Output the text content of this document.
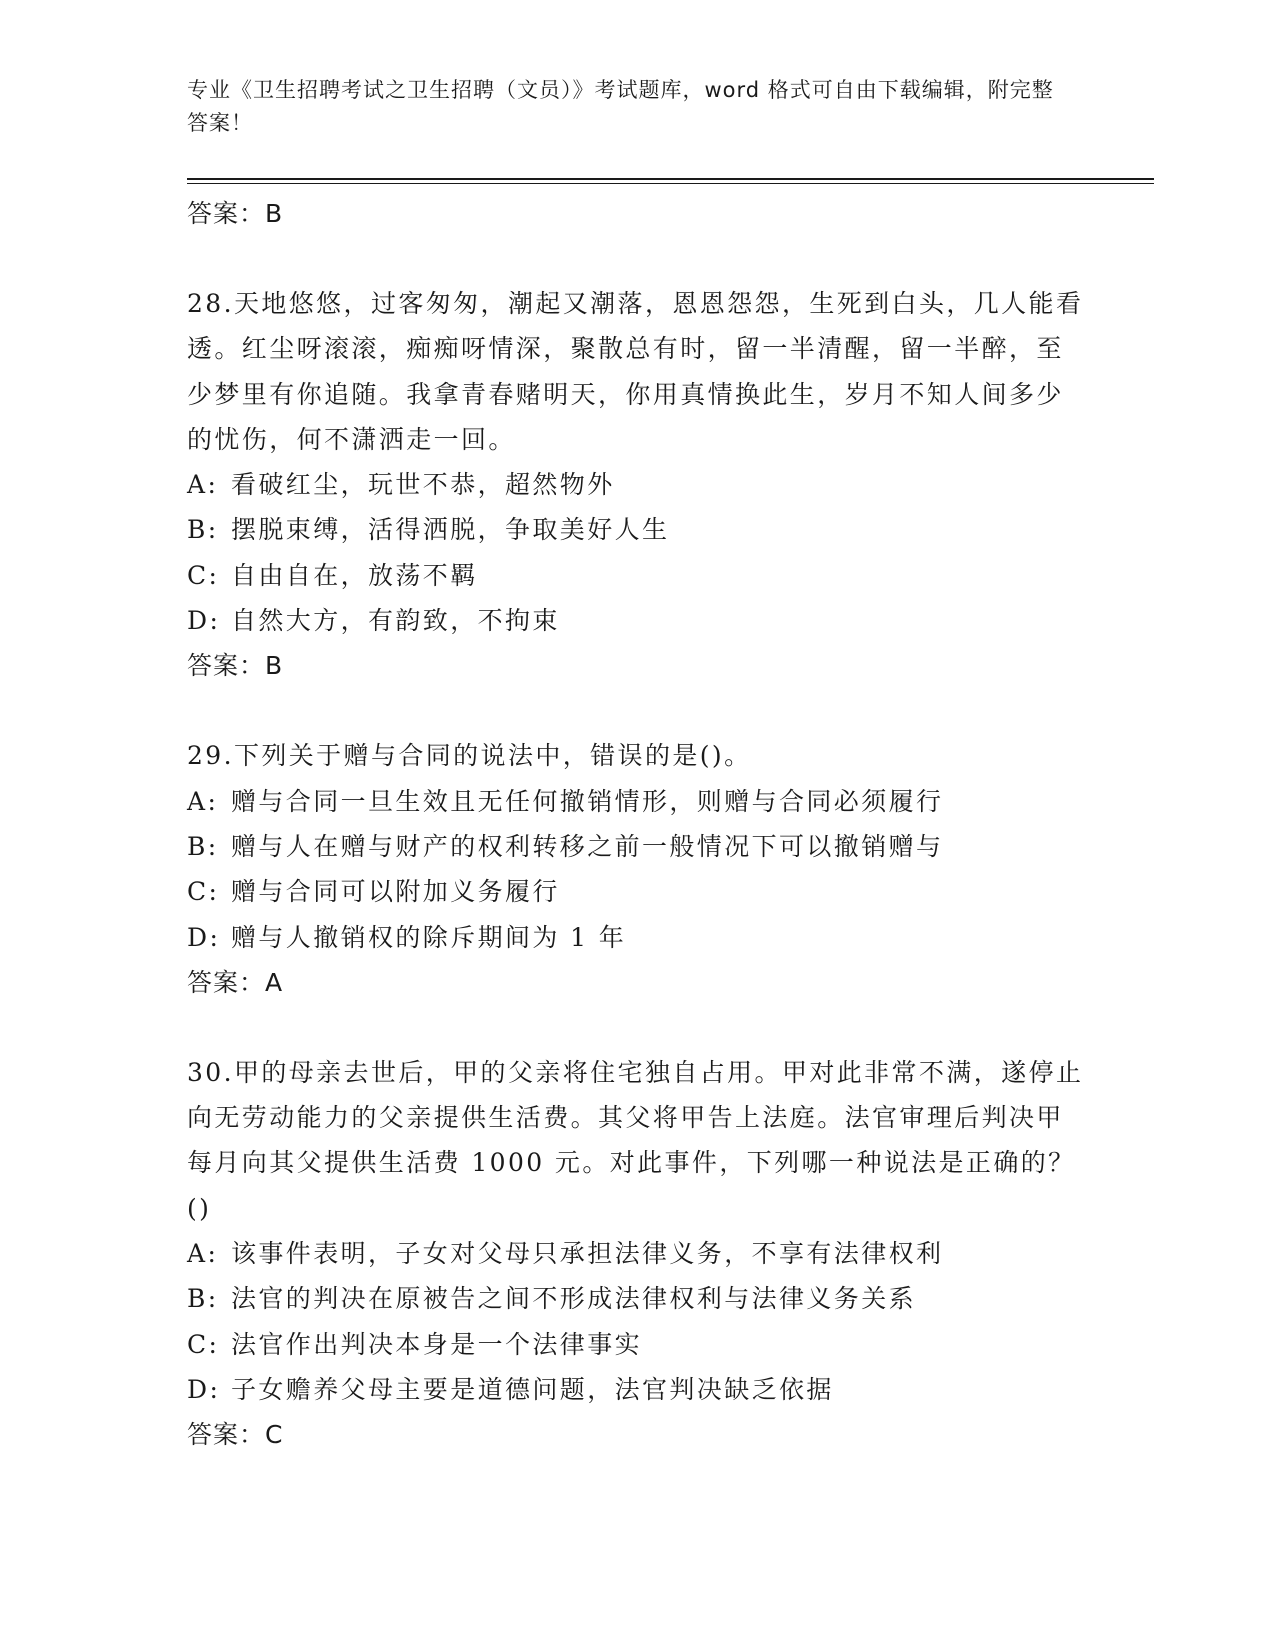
专业《卫生招聘考试之卫生招聘（文员）》考试题库，word 格式可自由下载编辑，附完整答案！
答案：B
28.天地悠悠，过客匆匆，潮起又潮落，恩恩怨怨，生死到白头，几人能看透。红尘呀滚滚，痴痴呀情深，聚散总有时，留一半清醒，留一半醉，至少梦里有你追随。我拿青春赌明天，你用真情换此生，岁月不知人间多少的忧伤，何不潇洒走一回。
A: 看破红尘，玩世不恭，超然物外
B: 摆脱束缚，活得洒脱，争取美好人生
C: 自由自在，放荡不羁
D: 自然大方，有韵致，不拘束
答案：B
29.下列关于赠与合同的说法中，错误的是()。
A: 赠与合同一旦生效且无任何撤销情形，则赠与合同必须履行
B: 赠与人在赠与财产的权利转移之前一般情况下可以撤销赠与
C: 赠与合同可以附加义务履行
D: 赠与人撤销权的除斥期间为 1 年
答案：A
30.甲的母亲去世后，甲的父亲将住宅独自占用。甲对此非常不满，遂停止向无劳动能力的父亲提供生活费。其父将甲告上法庭。法官审理后判决甲每月向其父提供生活费 1000 元。对此事件，下列哪一种说法是正确的？()
A: 该事件表明，子女对父母只承担法律义务，不享有法律权利
B: 法官的判决在原被告之间不形成法律权利与法律义务关系
C: 法官作出判决本身是一个法律事实
D: 子女赡养父母主要是道德问题，法官判决缺乏依据
答案：C
